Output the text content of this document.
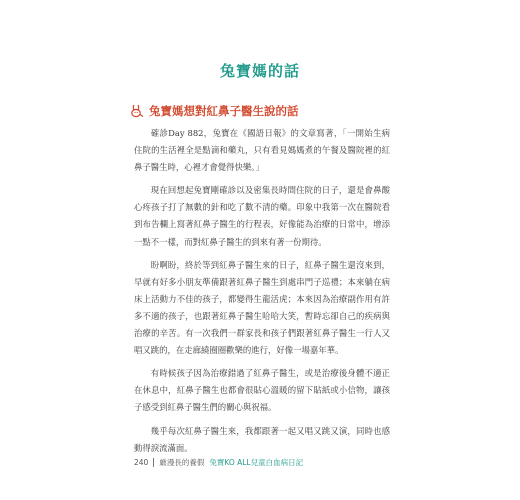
兔寶媽的話
兔寶媽想對紅鼻子醫生說的話

確診Day 882，兔寶在《國語日報》的文章寫著，「一開始生病住院的生活裡全是點滴和藥丸，只有看見媽媽煮的午餐及醫院裡的紅鼻子醫生時，心裡才會覺得快樂。」

現在回想起兔寶剛確診以及密集長時間住院的日子，還是會鼻酸心疼孩子打了無數的針和吃了數不清的藥。印象中我第一次在醫院看到布告欄上寫著紅鼻子醫生的行程表，好像能為治療的日常中，增添一點不一樣，而對紅鼻子醫生的到來有著一份期待。

盼啊盼，終於等到紅鼻子醫生來的日子，紅鼻子醫生還沒來到，早就有好多小朋友準備跟著紅鼻子醫生到處串門子巡禮；本來躺在病床上活動力不佳的孩子，都變得生龍活虎；本來因為治療副作用有許多不適的孩子，也跟著紅鼻子醫生哈哈大笑，暫時忘卻自己的疾病與治療的辛苦。有一次我們一群家長和孩子們跟著紅鼻子醫生一行人又唱又跳的，在走廊繞圈圈歡樂的進行，好像一場嘉年華。

有時候孩子因為治療錯過了紅鼻子醫生，或是治療後身體不適正在休息中，紅鼻子醫生也都會很貼心溫暖的留下貼紙或小信物，讓孩子感受到紅鼻子醫生們的關心與祝福。

幾乎每次紅鼻子醫生來，我都跟著一起又唱又跳又演，同時也感動得淚流滿面。

240 厳漫長的養假 兔寶KO ALL兒童白血病日記
